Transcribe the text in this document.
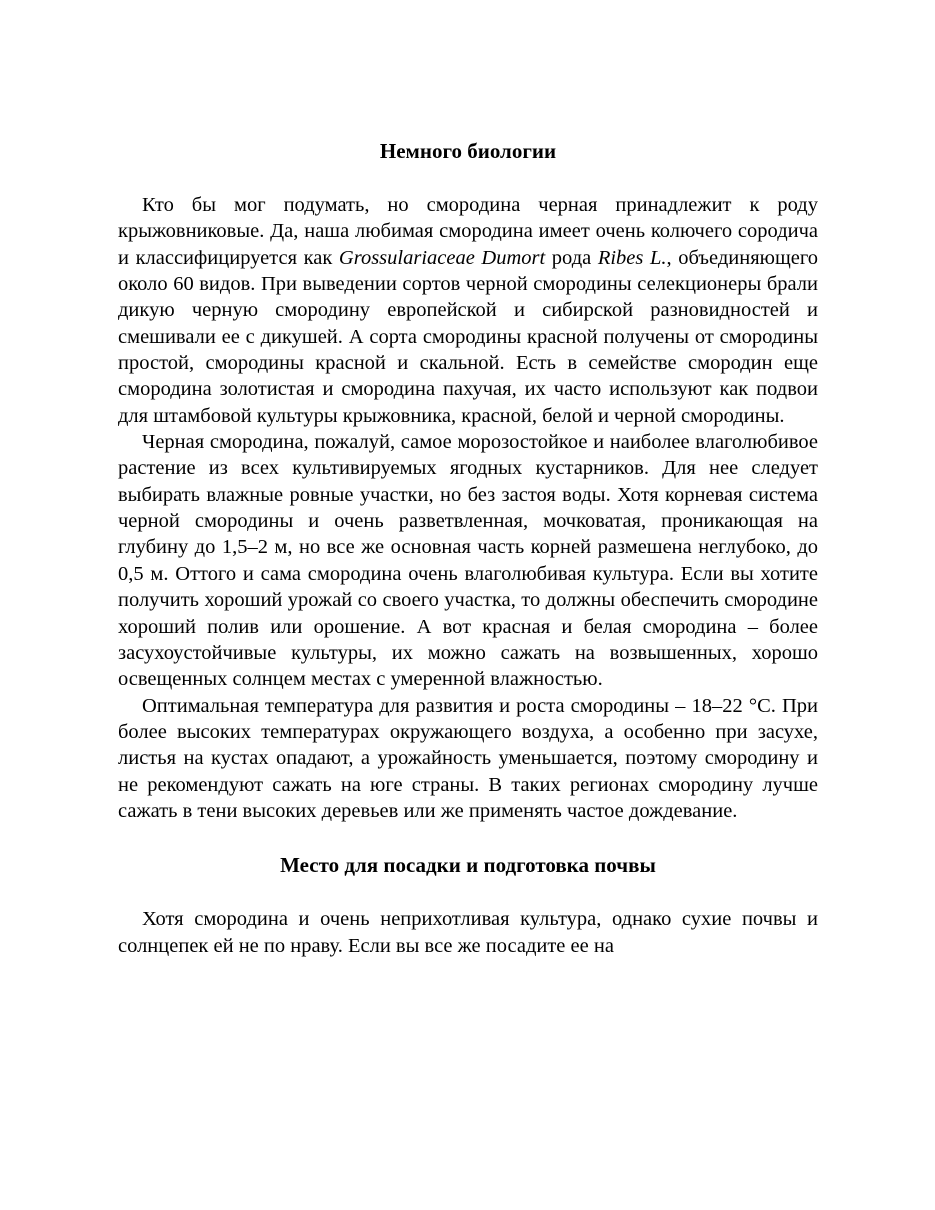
Немного биологии

Кто бы мог подумать, но смородина черная принадлежит к роду крыжовниковые. Да, наша любимая смородина имеет очень колючего сородича и классифицируется как Grossulariaceae Dumort рода Ribes L., объединяющего около 60 видов. При выведении сортов черной смородины селекционеры брали дикую черную смородину европейской и сибирской разновидностей и смешивали ее с дикушей. А сорта смородины красной получены от смородины простой, смородины красной и скальной. Есть в семействе смородин еще смородина золотистая и смородина пахучая, их часто используют как подвои для штамбовой культуры крыжовника, красной, белой и черной смородины.

Черная смородина, пожалуй, самое морозостойкое и наиболее влаголюбивое растение из всех культивируемых ягодных кустарников. Для нее следует выбирать влажные ровные участки, но без застоя воды. Хотя корневая система черной смородины и очень разветвленная, мочковатая, проникающая на глубину до 1,5–2 м, но все же основная часть корней размешена неглубоко, до 0,5 м. Оттого и сама смородина очень влаголюбивая культура. Если вы хотите получить хороший урожай со своего участка, то должны обеспечить смородине хороший полив или орошение. А вот красная и белая смородина – более засухоустойчивые культуры, их можно сажать на возвышенных, хорошо освещенных солнцем местах с умеренной влажностью.

Оптимальная температура для развития и роста смородины – 18–22 °C. При более высоких температурах окружающего воздуха, а особенно при засухе, листья на кустах опадают, а урожайность уменьшается, поэтому смородину и не рекомендуют сажать на юге страны. В таких регионах смородину лучше сажать в тени высоких деревьев или же применять частое дождевание.

Место для посадки и подготовка почвы

Хотя смородина и очень неприхотливая культура, однако сухие почвы и солнцепек ей не по нраву. Если вы все же посадите ее на
